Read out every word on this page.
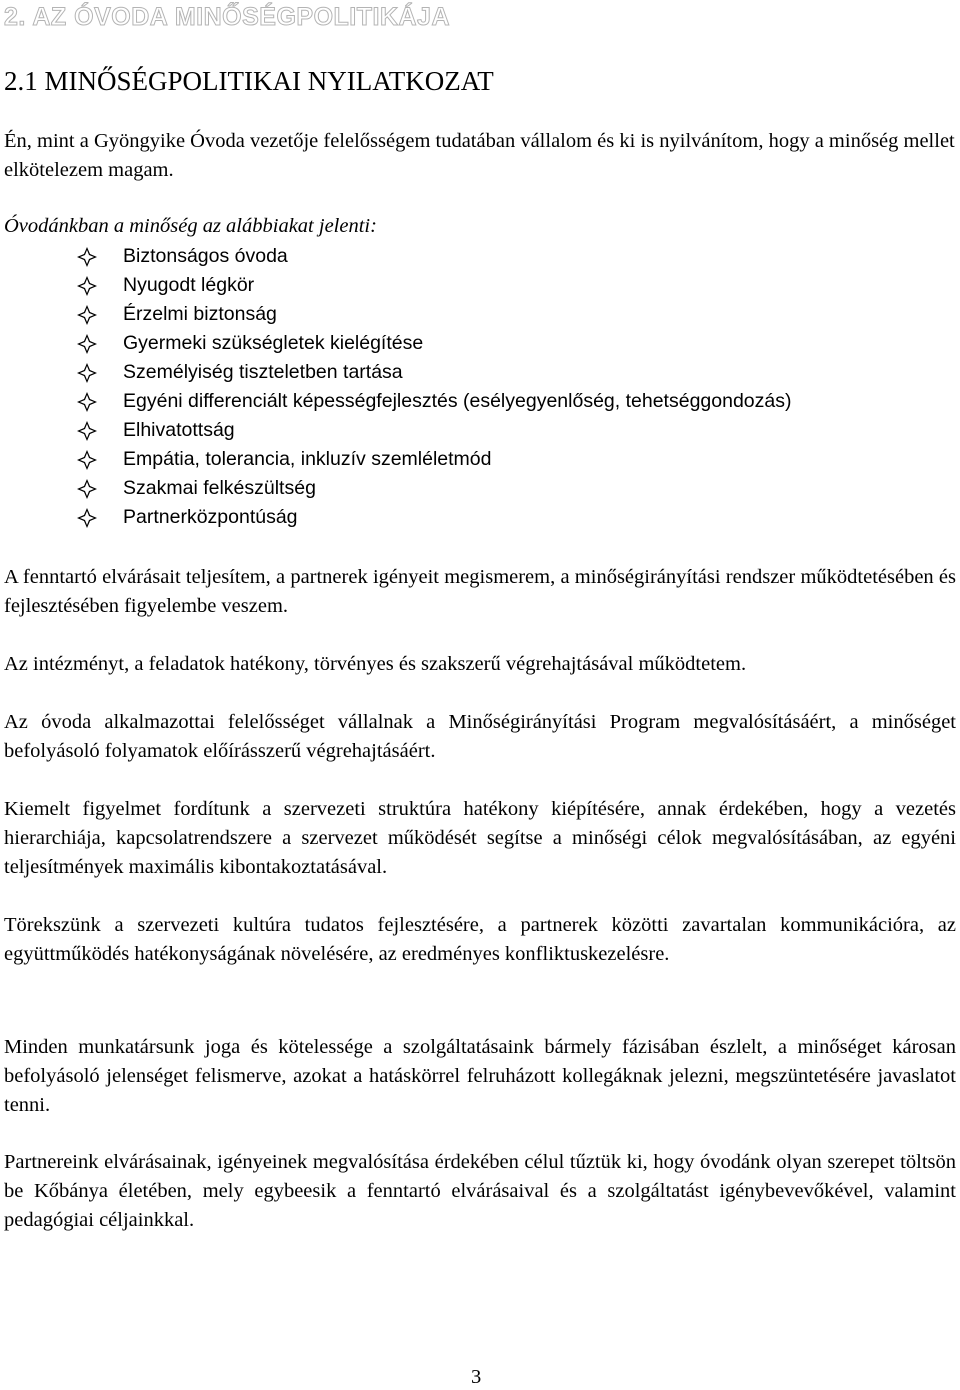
2. AZ ÓVODA MINŐSÉGPOLITIKÁJA
2.1 MINŐSÉGPOLITIKAI NYILATKOZAT

Én, mint a Gyöngyike Óvoda vezetője felelősségem tudatában vállalom és ki is nyilvánítom, hogy a minőség mellet elkötelezem magam.

Óvodánkban a minőség az alábbiakat jelenti:
Biztonságos óvoda
Nyugodt légkör
Érzelmi biztonság
Gyermeki szükségletek kielégítése
Személyiség tiszteletben tartása
Egyéni differenciált képességfejlesztés (esélyegyenlőség, tehetséggondozás)
Elhivatottság
Empátia, tolerancia, inkluzív szemléletmód
Szakmai felkészültség
Partnerközpontúság

A fenntartó elvárásait teljesítem, a partnerek igényeit megismerem, a minőségirányítási rendszer működtetésében és fejlesztésében figyelembe veszem.

Az intézményt, a feladatok hatékony, törvényes és szakszerű végrehajtásával működtetem.

Az óvoda alkalmazottai felelősséget vállalnak a Minőségirányítási Program megvalósításáért, a minőséget befolyásoló folyamatok előírásszerű végrehajtásáért.

Kiemelt figyelmet fordítunk a szervezeti struktúra hatékony kiépítésére, annak érdekében, hogy a vezetés hierarchiája, kapcsolatrendszere a szervezet működését segítse a minőségi célok megvalósításában, az egyéni teljesítmények maximális kibontakoztatásával.

Törekszünk a szervezeti kultúra tudatos fejlesztésére, a partnerek közötti zavartalan kommunikációra, az együttműködés hatékonyságának növelésére, az eredményes konfliktuskezelésre.

Minden munkatársunk joga és kötelessége a szolgáltatásaink bármely fázisában észlelt, a minőséget károsan befolyásoló jelenséget felismerve, azokat a hatáskörrel felruházott kollegáknak jelezni, megszüntetésére javaslatot tenni.

Partnereink elvárásainak, igényeinek megvalósítása érdekében célul tűztük ki, hogy óvodánk olyan szerepet töltsön be Kőbánya életében, mely egybeesik a fenntartó elvárásaival és a szolgáltatást igénybevevőkével, valamint pedagógiai céljainkkal.

3
